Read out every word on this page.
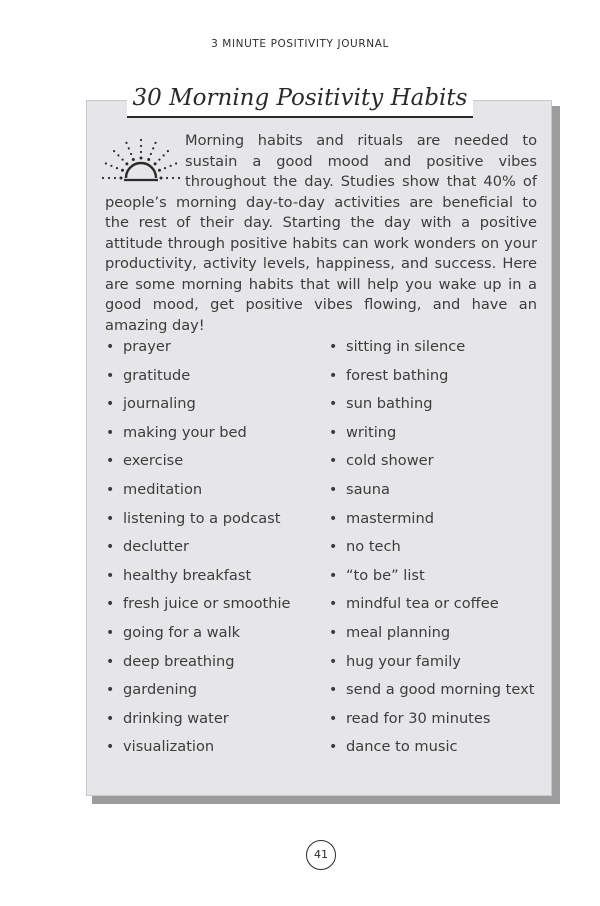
3 MINUTE POSITIVITY JOURNAL
30 Morning Positivity Habits

Morning habits and rituals are needed to sustain a good mood and positive vibes throughout the day. Studies show that 40% of people’s morning day-to-day activities are beneficial to the rest of their day. Starting the day with a positive attitude through positive habits can work wonders on your productivity, activity levels, happiness, and success. Here are some morning habits that will help you wake up in a good mood, get positive vibes flowing, and have an amazing day!

• prayer
• gratitude
• journaling
• making your bed
• exercise
• meditation
• listening to a podcast
• declutter
• healthy breakfast
• fresh juice or smoothie
• going for a walk
• deep breathing
• gardening
• drinking water
• visualization
• sitting in silence
• forest bathing
• sun bathing
• writing
• cold shower
• sauna
• mastermind
• no tech
• “to be” list
• mindful tea or coffee
• meal planning
• hug your family
• send a good morning text
• read for 30 minutes
• dance to music
41
